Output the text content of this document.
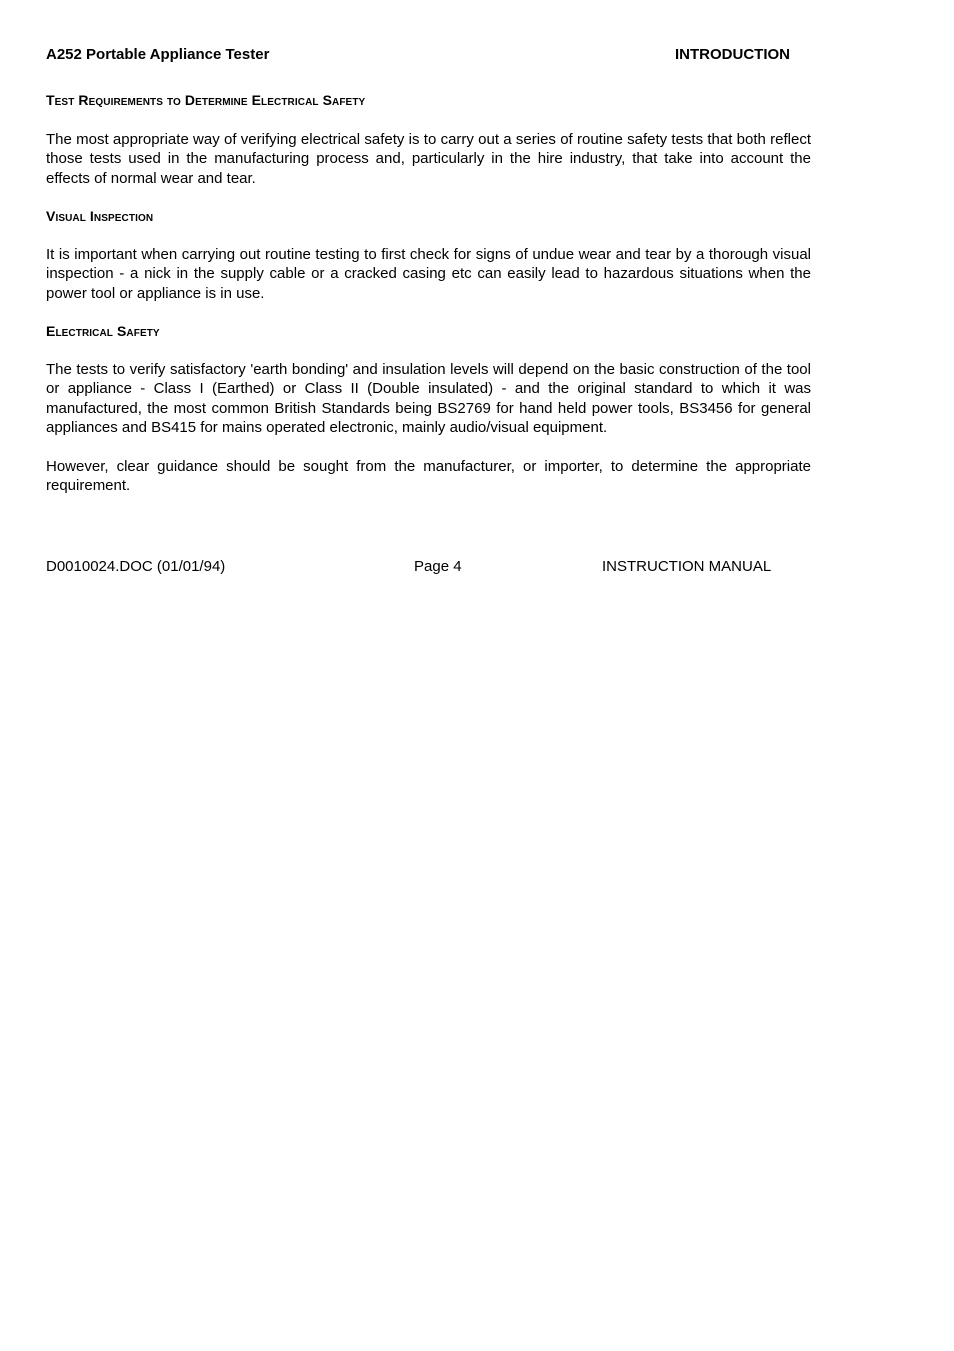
A252 Portable Appliance Tester	INTRODUCTION
Test Requirements to Determine Electrical Safety
The most appropriate way of verifying electrical safety is to carry out a series of routine safety tests that both reflect those tests used in the manufacturing process and, particularly in the hire industry, that take into account the effects of normal wear and tear.
Visual Inspection
It is important when carrying out routine testing to first check for signs of undue wear and tear by a thorough visual inspection - a nick in the supply cable or a cracked casing etc can easily lead to hazardous situations when the power tool or appliance is in use.
Electrical Safety
The tests to verify satisfactory 'earth bonding' and insulation levels will depend on the basic construction of the tool or appliance - Class I (Earthed) or Class II (Double insulated) - and the original standard to which it was manufactured, the most common British Standards being BS2769 for hand held power tools, BS3456 for general appliances and BS415 for mains operated electronic, mainly audio/visual equipment.
However, clear guidance should be sought from the manufacturer, or importer, to determine the appropriate requirement.
D0010024.DOC (01/01/94)	Page 4	INSTRUCTION MANUAL
